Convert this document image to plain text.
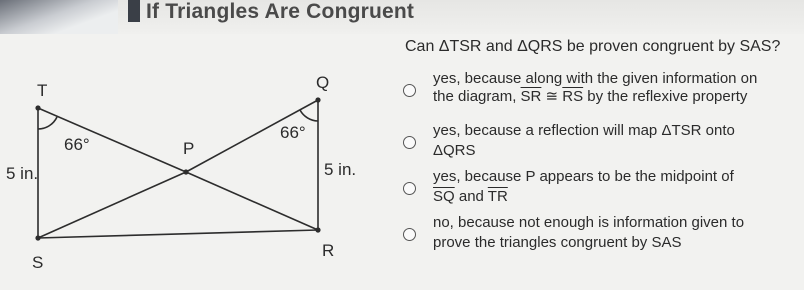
If Triangles Are Congruent
T
S
P
Q
R
66°
66°
5 in.	5 in.
Can ΔTSR and ΔQRS be proven congruent by SAS?
yes, because along with the given information on
the diagram, $\overline{SR}$ ≅ $\overline{RS}$ by the reflexive property
yes, because a reflection will map ΔTSR onto
ΔQRS
yes, because P appears to be the midpoint of
$\overline{SQ}$ and $\overline{TR}$
no, because not enough is information given to
prove the triangles congruent by SAS
